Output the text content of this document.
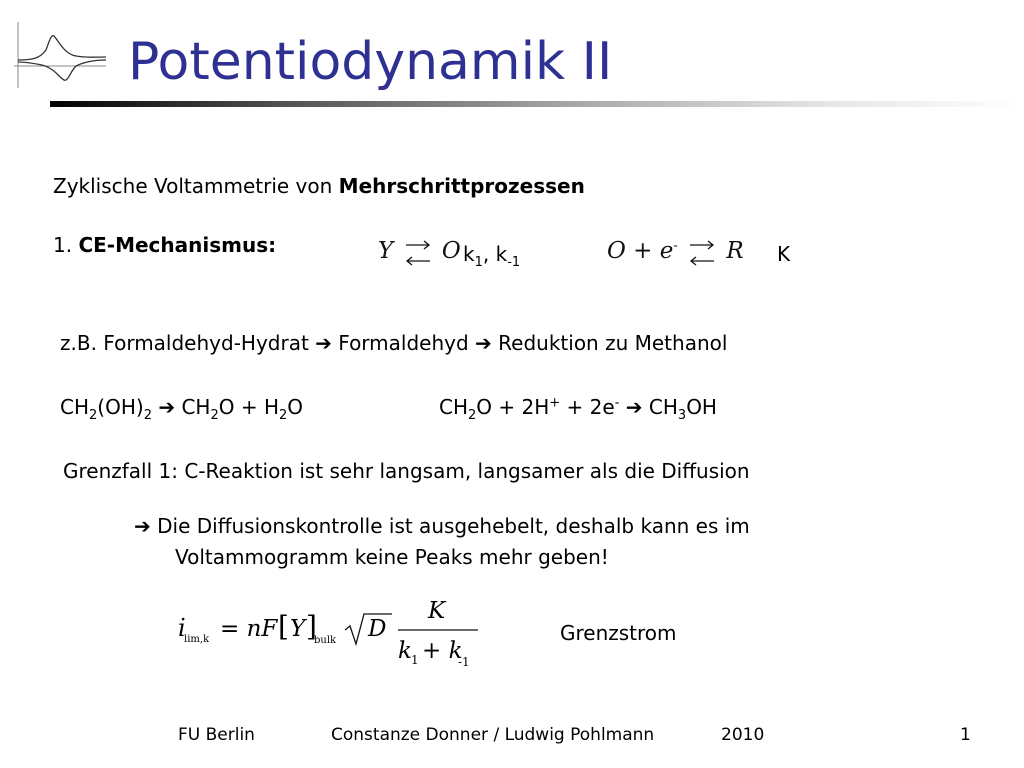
Potentiodynamik II
Zyklische Voltammetrie von Mehrschrittprozessen
1. CE-Mechanismus:	Y ⇌ O $k_1$, $k_{-1}$	O + e- ⇌ R K
z.B. Formaldehyd-Hydrat ➔ Formaldehyd ➔ Reduktion zu Methanol
$CH_2(OH)_2$ ➔ $CH_2O + H_2O$	$CH_2O + 2H^+ + 2e^-$ ➔ $CH_3OH$
Grenzfall 1: C-Reaktion ist sehr langsam, langsamer als die Diffusion
➔ Die Diffusionskontrolle ist ausgehebelt, deshalb kann es im
Voltammogramm keine Peaks mehr geben!
i
lim,k = nF [ Y ]
bulk D
K
k 1 + k
-1
Grenzstrom
FU Berlin	Constanze Donner / Ludwig Pohlmann	2010	1
